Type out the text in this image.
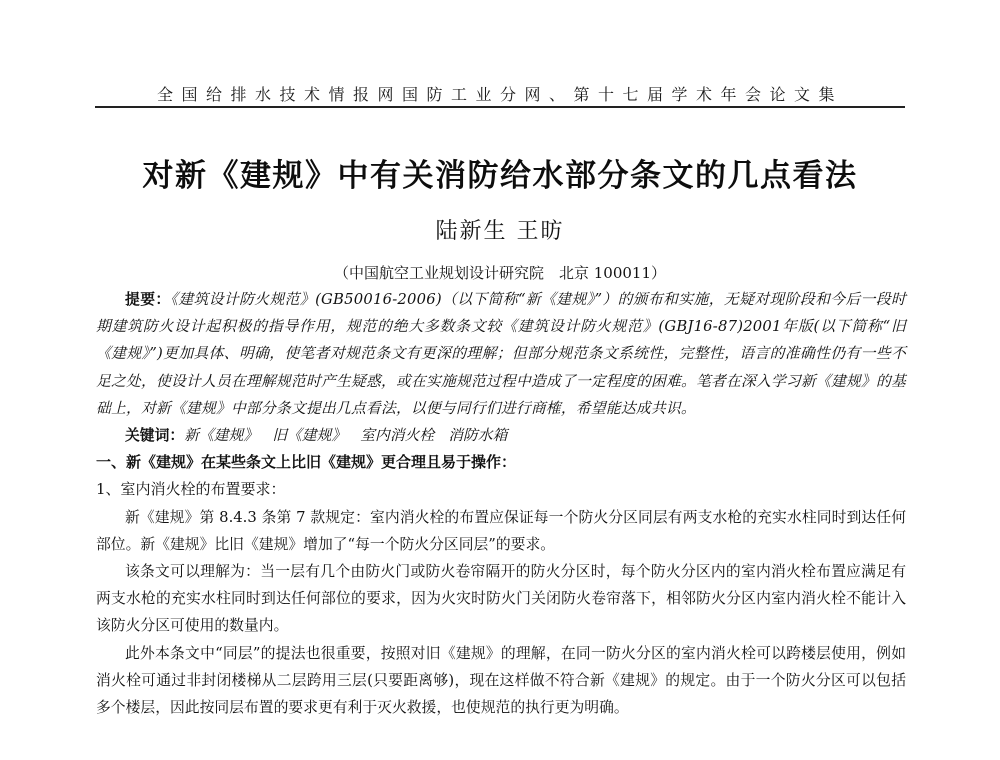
全国给排水技术情报网国防工业分网、第十七届学术年会论文集
对新《建规》中有关消防给水部分条文的几点看法
陆新生 王昉
（中国航空工业规划设计研究院　北京 100011）

提要：《建筑设计防火规范》(GB50016-2006)（以下简称“新《建规》”）的颁布和实施，无疑对现阶段和今后一段时期建筑防火设计起积极的指导作用，规范的绝大多数条文较《建筑设计防火规范》(GBJ16-87)2001年版(以下简称“旧《建规》”)更加具体、明确，使笔者对规范条文有更深的理解；但部分规范条文系统性，完整性，语言的准确性仍有一些不足之处，使设计人员在理解规范时产生疑惑，或在实施规范过程中造成了一定程度的困难。笔者在深入学习新《建规》的基础上，对新《建规》中部分条文提出几点看法，以便与同行们进行商榷，希望能达成共识。

关键词：新《建规》 旧《建规》 室内消火栓 消防水箱

一、新《建规》在某些条文上比旧《建规》更合理且易于操作：

1、室内消火栓的布置要求：

新《建规》第 8.4.3 条第 7 款规定：室内消火栓的布置应保证每一个防火分区同层有两支水枪的充实水柱同时到达任何部位。新《建规》比旧《建规》增加了“每一个防火分区同层”的要求。

该条文可以理解为：当一层有几个由防火门或防火卷帘隔开的防火分区时，每个防火分区内的室内消火栓布置应满足有两支水枪的充实水柱同时到达任何部位的要求，因为火灾时防火门关闭防火卷帘落下，相邻防火分区内室内消火栓不能计入该防火分区可使用的数量内。

此外本条文中“同层”的提法也很重要，按照对旧《建规》的理解，在同一防火分区的室内消火栓可以跨楼层使用，例如消火栓可通过非封闭楼梯从二层跨用三层(只要距离够)，现在这样做不符合新《建规》的规定。由于一个防火分区可以包括多个楼层，因此按同层布置的要求更有利于灭火救援，也使规范的执行更为明确。
